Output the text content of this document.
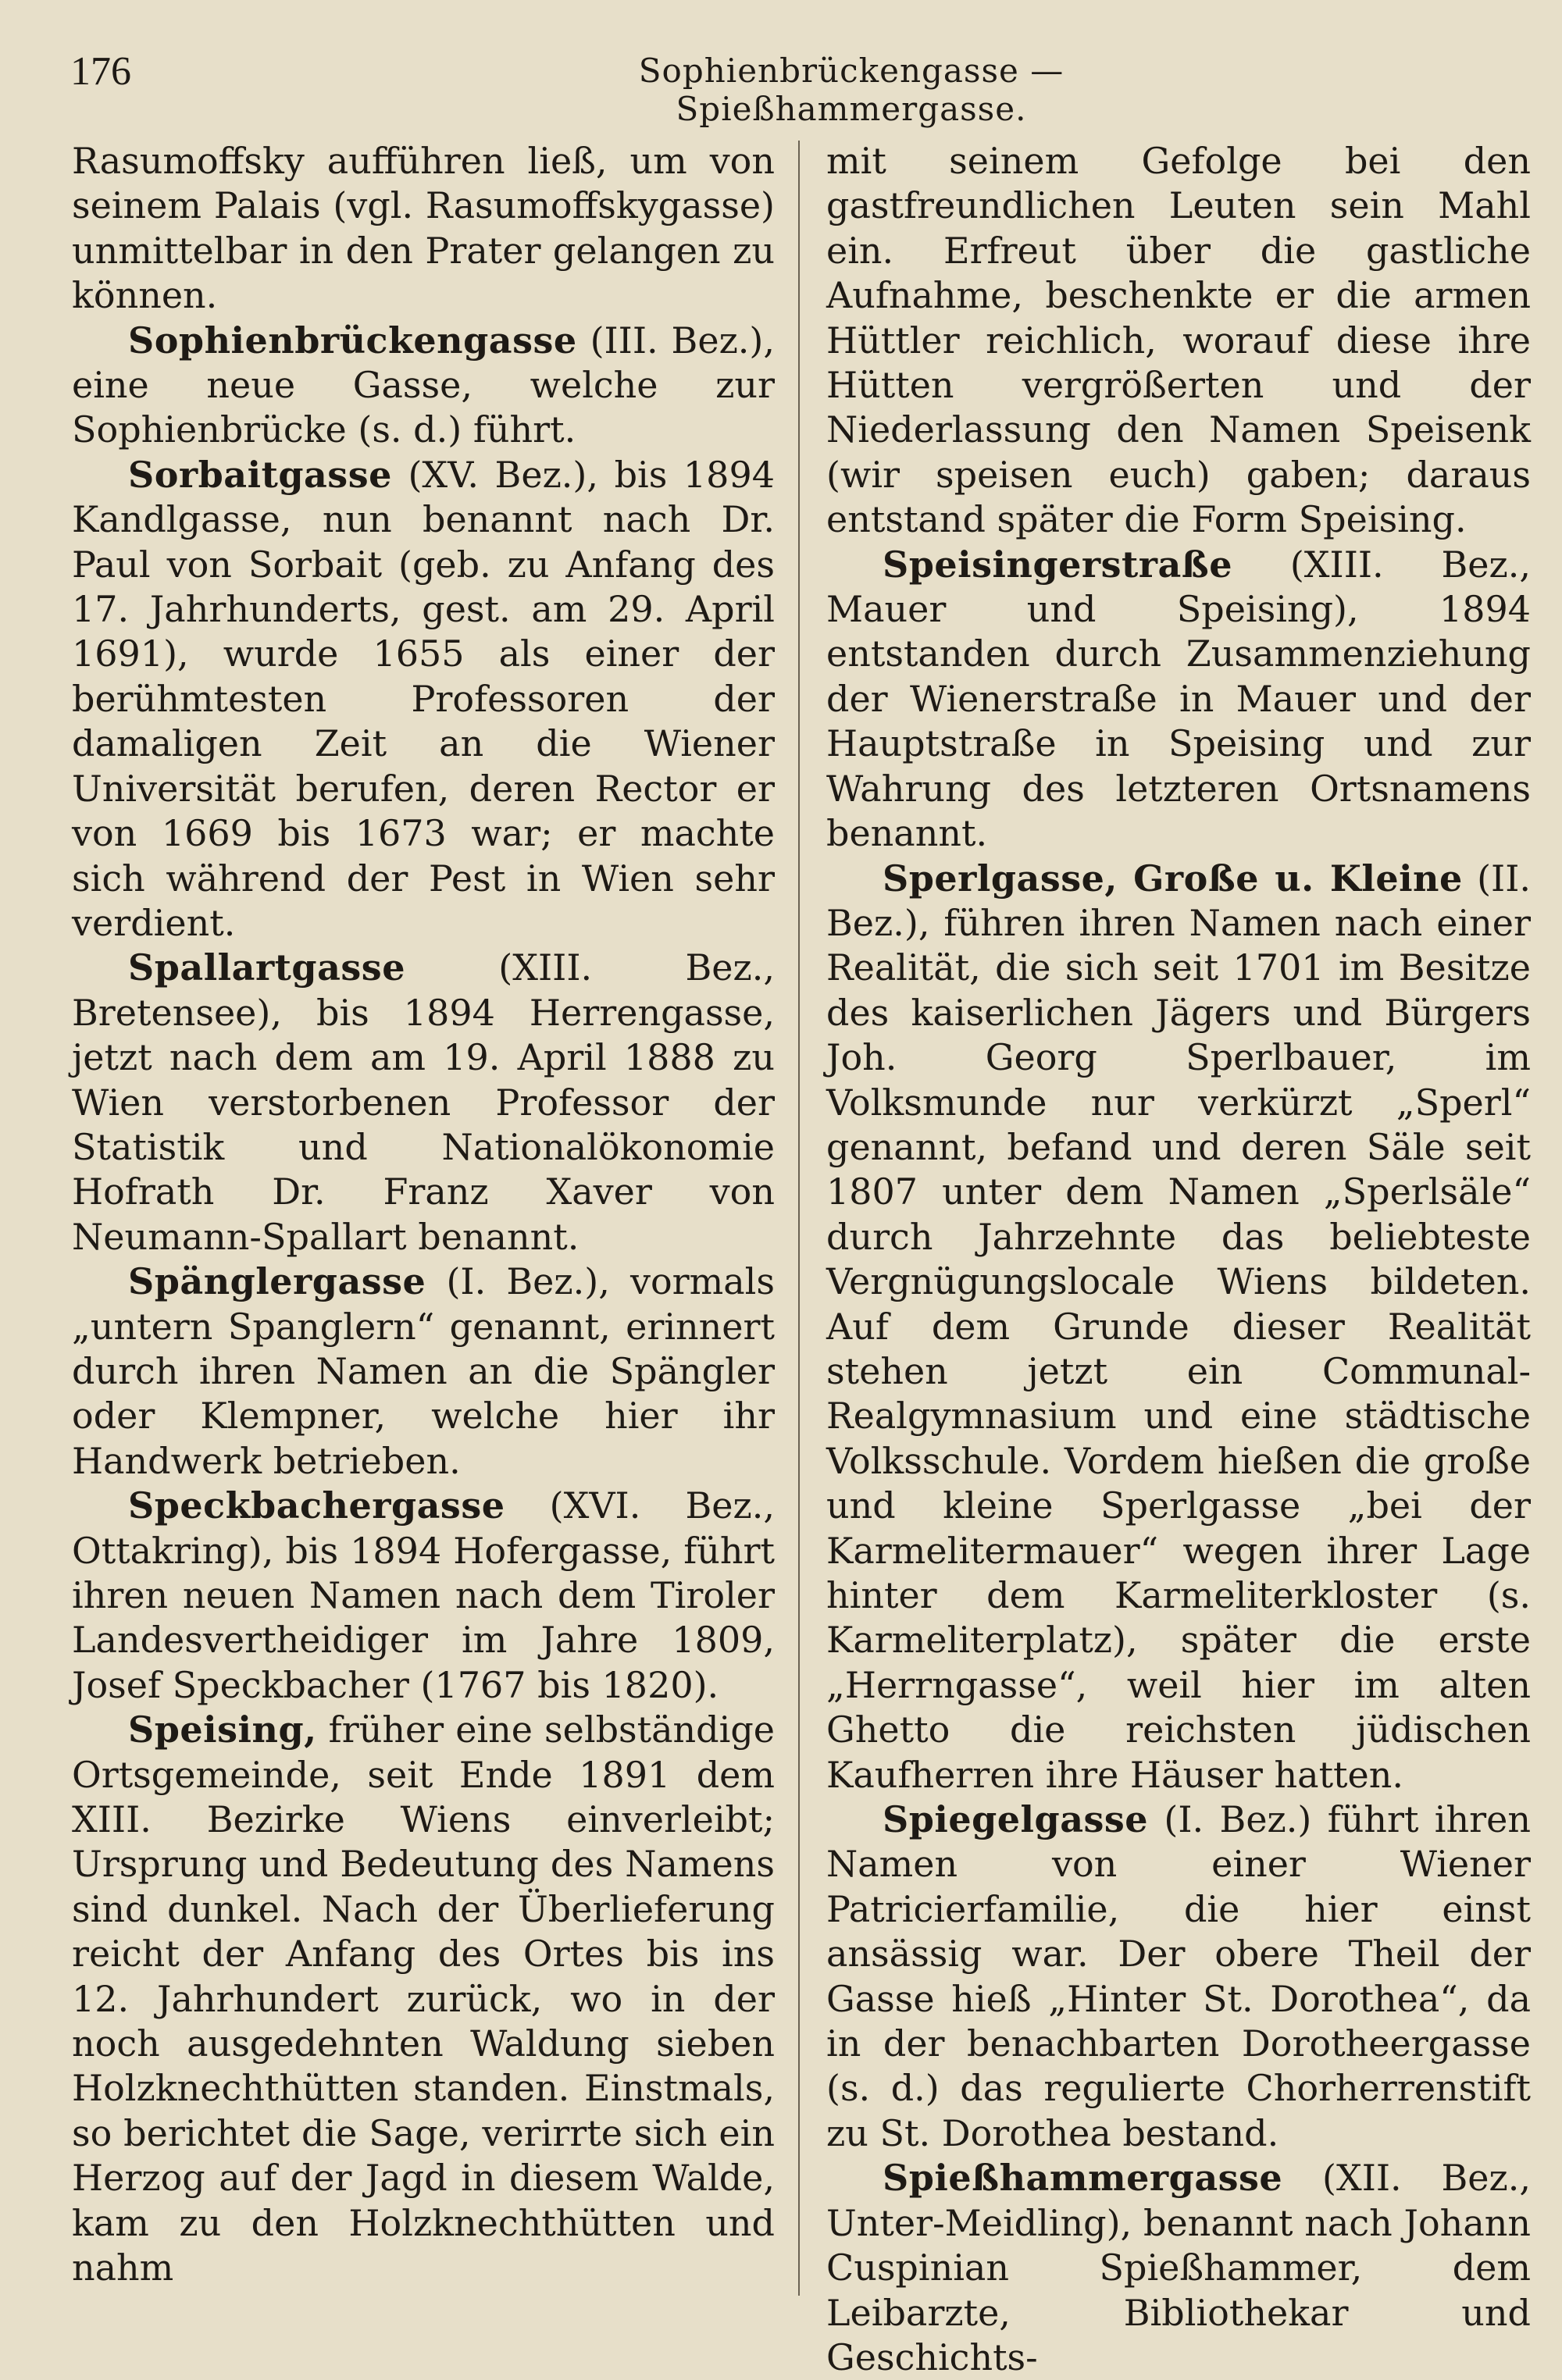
176	Sophienbrückengasse — Spießhammergasse.

Rasumoffsky aufführen ließ, um von seinem Palais (vgl. Rasumoffskygasse) unmittelbar in den Prater gelangen zu können.

Sophienbrückengasse (III. Bez.), eine neue Gasse, welche zur Sophienbrücke (s. d.) führt.

Sorbaitgasse (XV. Bez.), bis 1894 Kandlgasse, nun benannt nach Dr. Paul von Sorbait (geb. zu Anfang des 17. Jahrhunderts, gest. am 29. April 1691), wurde 1655 als einer der berühmtesten Professoren der damaligen Zeit an die Wiener Universität berufen, deren Rector er von 1669 bis 1673 war; er machte sich während der Pest in Wien sehr verdient.

Spallartgasse (XIII. Bez., Bretensee), bis 1894 Herrengasse, jetzt nach dem am 19. April 1888 zu Wien verstorbenen Professor der Statistik und Nationalökonomie Hofrath Dr. Franz Xaver von Neumann-Spallart benannt.

Spänglergasse (I. Bez.), vormals „untern Spanglern“ genannt, erinnert durch ihren Namen an die Spängler oder Klempner, welche hier ihr Handwerk betrieben.

Speckbachergasse (XVI. Bez., Ottakring), bis 1894 Hofergasse, führt ihren neuen Namen nach dem Tiroler Landesvertheidiger im Jahre 1809, Josef Speckbacher (1767 bis 1820).

Speising, früher eine selbständige Ortsgemeinde, seit Ende 1891 dem XIII. Bezirke Wiens einverleibt; Ursprung und Bedeutung des Namens sind dunkel. Nach der Überlieferung reicht der Anfang des Ortes bis ins 12. Jahrhundert zurück, wo in der noch ausgedehnten Waldung sieben Holzknechthütten standen. Einstmals, so berichtet die Sage, verirrte sich ein Herzog auf der Jagd in diesem Walde, kam zu den Holzknechthütten und nahm

mit seinem Gefolge bei den gastfreundlichen Leuten sein Mahl ein. Erfreut über die gastliche Aufnahme, beschenkte er die armen Hüttler reichlich, worauf diese ihre Hütten vergrößerten und der Niederlassung den Namen Speisenk (wir speisen euch) gaben; daraus entstand später die Form Speising.

Speisingerstraße (XIII. Bez., Mauer und Speising), 1894 entstanden durch Zusammenziehung der Wienerstraße in Mauer und der Hauptstraße in Speising und zur Wahrung des letzteren Ortsnamens benannt.

Sperlgasse, Große u. Kleine (II. Bez.), führen ihren Namen nach einer Realität, die sich seit 1701 im Besitze des kaiserlichen Jägers und Bürgers Joh. Georg Sperlbauer, im Volksmunde nur verkürzt „Sperl“ genannt, befand und deren Säle seit 1807 unter dem Namen „Sperlsäle“ durch Jahrzehnte das beliebteste Vergnügungslocale Wiens bildeten. Auf dem Grunde dieser Realität stehen jetzt ein Communal-Realgymnasium und eine städtische Volksschule. Vordem hießen die große und kleine Sperlgasse „bei der Karmelitermauer“ wegen ihrer Lage hinter dem Karmeliterkloster (s. Karmeliterplatz), später die erste „Herrngasse“, weil hier im alten Ghetto die reichsten jüdischen Kaufherren ihre Häuser hatten.

Spiegelgasse (I. Bez.) führt ihren Namen von einer Wiener Patricierfamilie, die hier einst ansässig war. Der obere Theil der Gasse hieß „Hinter St. Dorothea“, da in der benachbarten Dorotheergasse (s. d.) das regulierte Chorherrenstift zu St. Dorothea bestand.

Spießhammergasse (XII. Bez., Unter-Meidling), benannt nach Johann Cuspinian Spießhammer, dem Leibarzte, Bibliothekar und Geschichts-
